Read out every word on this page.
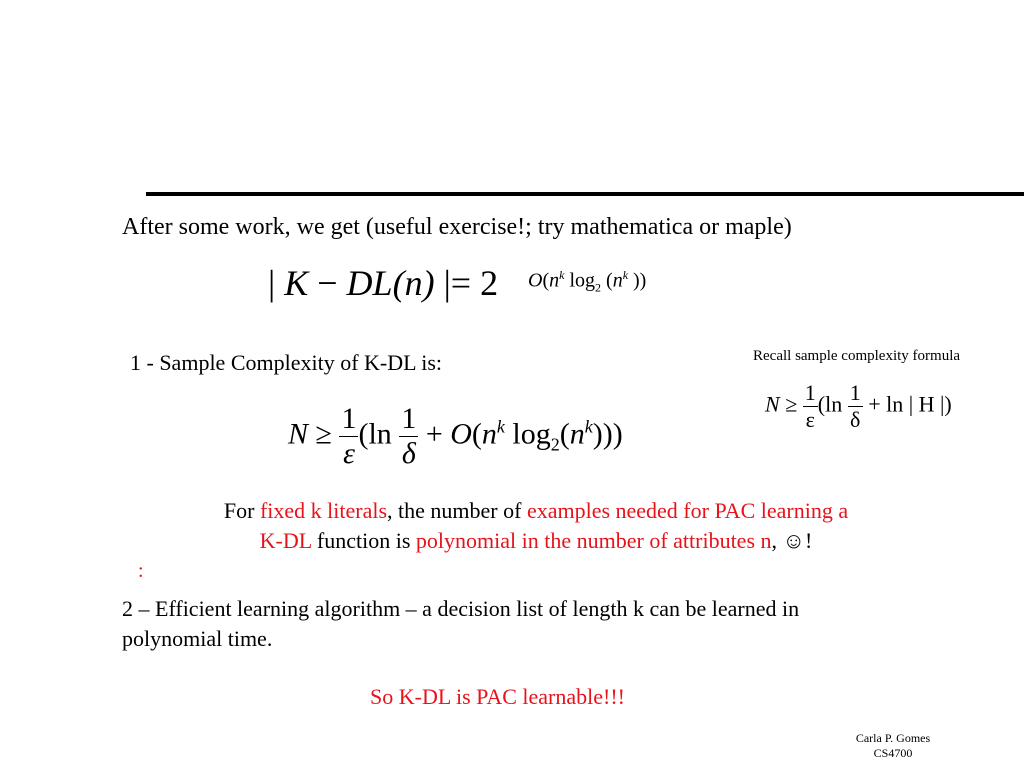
After some work, we get (useful exercise!; try mathematica or maple)
| K − DL(n) |= 2 $O(n^k$ $\log_2 (n^k$ ))
1 - Sample Complexity of K-DL is:	Recall sample complexity formula
$N \ge \frac{1}{\varepsilon} (\ln \frac{1}{\delta} + \ln$ | H |)
$N \ge \frac{1}{\varepsilon} (\ln \frac{1}{\delta} + O(n^k$ $\log_2(n^k)$))
For fixed k literals, the number of examples needed for PAC learning a
K-DL function is polynomial in the number of attributes n, ☺!
:
2 – Efficient learning algorithm – a decision list of length k can be learned in
polynomial time.
So K-DL is PAC learnable!!!
Carla P. Gomes
CS4700
